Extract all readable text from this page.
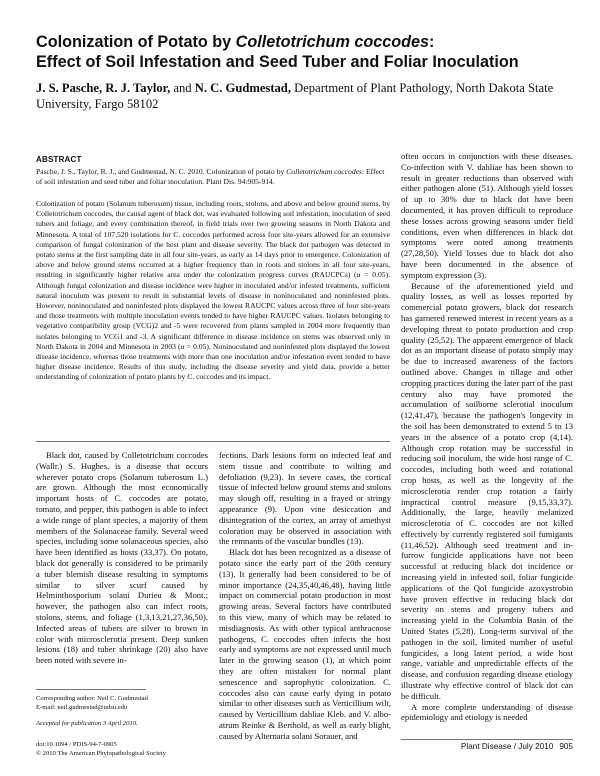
Colonization of Potato by Colletotrichum coccodes:
Effect of Soil Infestation and Seed Tuber and Foliar Inoculation
J. S. Pasche, R. J. Taylor, and N. C. Gudmestad, Department of Plant Pathology, North Dakota State University, Fargo 58102
ABSTRACT
Pasche, J. S., Taylor, R. J., and Gudmestad, N. C. 2010. Colonization of potato by Colletotrichum coccodes: Effect of soil infestation and seed tuber and foliar inoculation. Plant Dis. 94:905-914.
Colonization of potato (Solanum tuberosum) tissue, including roots, stolons, and above and below ground stems, by Colletotrichum coccodes, the causal agent of black dot, was evaluated following soil infestation, inoculation of seed tubers and foliage, and every combination thereof, in field trials over two growing seasons in North Dakota and Minnesota. A total of 107,520 isolations for C. coccodes performed across four site-years allowed for an extensive comparison of fungal colonization of the host plant and disease severity. The black dot pathogen was detected in potato stems at the first sampling date in all four site-years, as early as 14 days prior to emergence. Colonization of above and below ground stems occurred at a higher frequency than in roots and stolons in all four site-years, resulting in significantly higher relative area under the colonization progress curves (RAUCPCs) (α = 0.05). Although fungal colonization and disease incidence were higher in inoculated and/or infested treatments, sufficient natural inoculum was present to result in substantial levels of disease in noninoculated and noninfested plots. However, noninoculated and noninfested plots displayed the lowest RAUCPC values across three of four site-years and those treatments with multiple inoculation events tended to have higher RAUCPC values. Isolates belonging to vegetative compatibility group (VCG)2 and -5 were recovered from plants sampled in 2004 more frequently than isolates belonging to VCG1 and -3. A significant difference in disease incidence on stems was observed only in North Dakota in 2004 and Minnesota in 2003 (α = 0.05). Noninoculated and noninfested plots displayed the lowest disease incidence, whereas those treatments with more than one inoculation and/or infestation event tended to have higher disease incidence. Results of this study, including the disease severity and yield data, provide a better understanding of colonization of potato plants by C. coccodes and its impact.

Black dot, caused by Colletotrichum coccodes (Wallr.) S. Hughes, is a disease that occurs wherever potato crops (Solanum tuberosum L.) are grown. Although the most economically important hosts of C. coccodes are potato, tomato, and pepper, this pathogen is able to infect a wide range of plant species, a majority of them members of the Solanaceae family. Several weed species, including some solanaceous species, also have been identified as hosts (33,37). On potato, black dot generally is considered to be primarily a tuber blemish disease resulting in symptoms similar to silver scurf caused by Helminthosporium solani Durieu & Mont.; however, the pathogen also can infect roots, stolons, stems, and foliage (1,3,13,21,27,36,50). Infected areas of tubers are silver to brown in color with microsclerotia present. Deep sunken lesions (18) and tuber shrinkage (20) also have been noted with severe in-

fections. Dark lesions form on infected leaf and stem tissue and contribute to wilting and defoliation (9,23). In severe cases, the cortical tissue of infected below ground stems and stolons may slough off, resulting in a frayed or stringy appearance (9). Upon vine desiccation and disintegration of the cortex, an array of amethyst coloration may be observed in association with the remnants of the vascular bundles (13).

Black dot has been recognized as a disease of potato since the early part of the 20th century (13). It generally had been considered to be of minor importance (24,35,40,46,48), having little impact on commercial potato production in most growing areas. Several factors have contributed to this view, many of which may be related to misdiagnosis. As with other typical anthracnose pathogens, C. coccodes often infects the host early and symptoms are not expressed until much later in the growing season (1), at which point they are often mistaken for normal plant senescence and saprophytic colonization. C. coccodes also can cause early dying in potato similar to other diseases such as Verticillium wilt, caused by Verticillium dahliae Kleb. and V. albo-atrum Reinke & Berthold, as well as early blight, caused by Alternaria solani Sorauer, and

often occurs in conjunction with these diseases. Co-infection with V. dahliae has been shown to result in greater reductions than observed with either pathogen alone (51). Although yield losses of up to 30% due to black dot have been documented, it has proven difficult to reproduce these losses across growing seasons under field conditions, even when differences in black dot symptoms were noted among treatments (27,28,50). Yield losses due to black dot also have been documented in the absence of symptom expression (3).

Because of the aforementioned yield and quality losses, as well as losses reported by commercial potato growers, black dot research has garnered renewed interest in recent years as a developing threat to potato production and crop quality (25,52). The apparent emergence of black dot as an important disease of potato simply may be due to increased awareness of the factors outlined above. Changes in tillage and other cropping practices during the later part of the past century also may have promoted the accumulation of soilborne sclerotial inoculum (12,41,47), because the pathogen's longevity in the soil has been demonstrated to extend 5 to 13 years in the absence of a potato crop (4,14). Although crop rotation may be successful in reducing soil inoculum, the wide host range of C. coccodes, including both weed and rotational crop hosts, as well as the longevity of the microsclerotia render crop rotation a fairly impractical control measure (9,15,33,37). Additionally, the large, heavily melanized microsclerotia of C. coccodes are not killed effectively by currently registered soil fumigants (11,46,52). Although seed treatment and in-furrow fungicide applications have not been successful at reducing black dot incidence or increasing yield in infested soil, foliar fungicide applications of the QoI fungicide azoxystrobin have proven effective in reducing black dot severity on stems and progeny tubers and increasing yield in the Columbia Basin of the United States (5,28). Long-term survival of the pathogen in the soil, limited number of useful fungicides, a long latent period, a wide host range, variable and unpredictable effects of the disease, and confusion regarding disease etiology illustrate why effective control of black dot can be difficult.

A more complete understanding of disease epidemiology and etiology is needed

Corresponding author: Neil C. Gudmestad
E-mail: neil.gudmestad@ndsu.edu
Accepted for publication 3 April 2010.
doi:10.1094 / PDIS-94-7-0905
© 2010 The American Phytopathological Society
Plant Disease / July 2010 905
